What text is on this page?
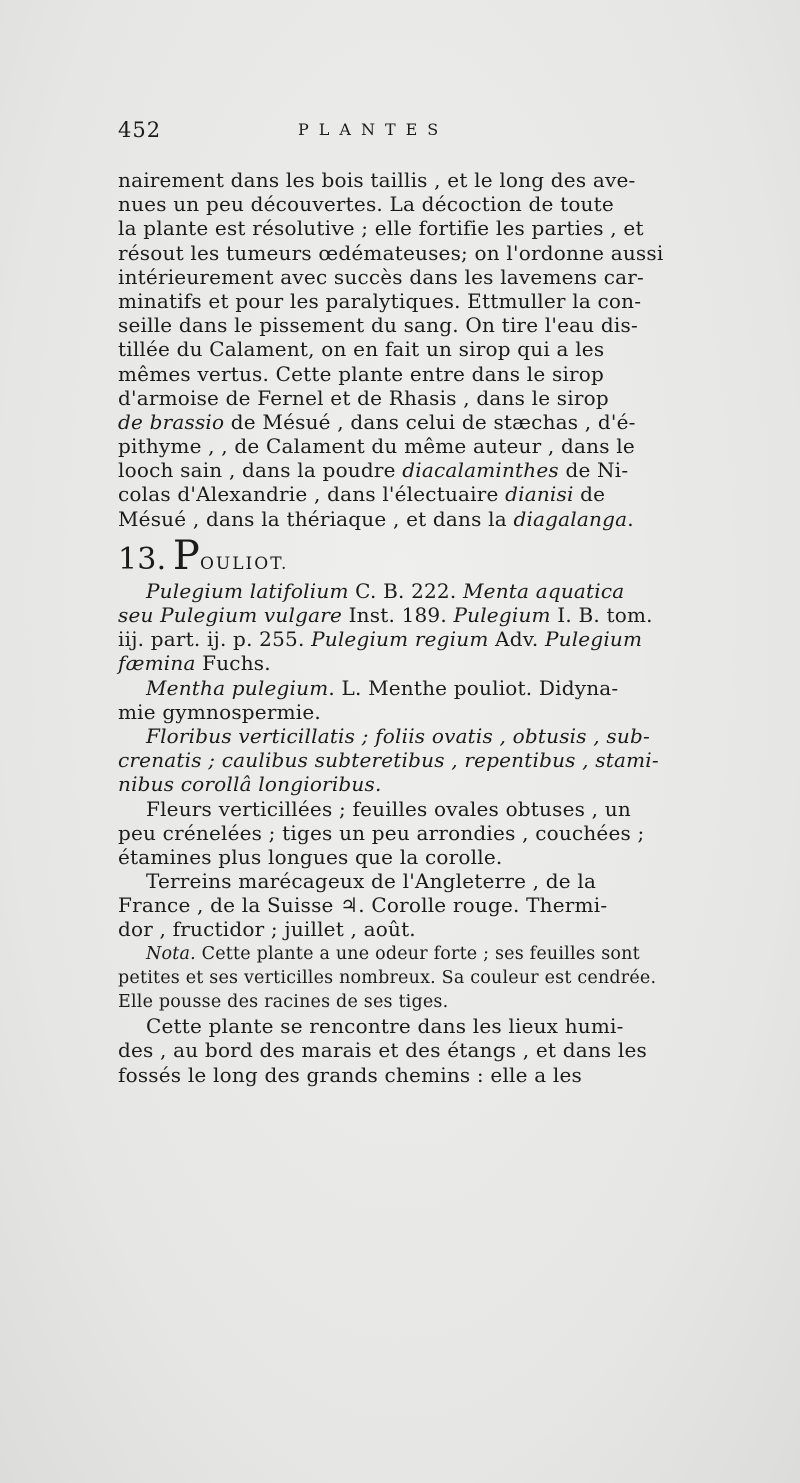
452	PLANTES
nairement dans les bois taillis , et le long des ave-
nues un peu découvertes. La décoction de toute
la plante est résolutive ; elle fortifie les parties , et
résout les tumeurs œdémateuses; on l'ordonne aussi
intérieurement avec succès dans les lavemens car-
minatifs et pour les paralytiques. Ettmuller la con-
seille dans le pissement du sang. On tire l'eau dis-
tillée du Calament, on en fait un sirop qui a les
mêmes vertus. Cette plante entre dans le sirop
d'armoise de Fernel et de Rhasis , dans le sirop
de brassio de Mésué , dans celui de stæchas , d'é-
pithyme , , de Calament du même auteur , dans le
looch sain , dans la poudre diacalaminthes de Ni-
colas d'Alexandrie , dans l'électuaire dianisi de
Mésué , dans la thériaque , et dans la diagalanga.
13. POULIOT.
Pulegium latifolium C. B. 222. Menta aquatica
seu Pulegium vulgare Inst. 189. Pulegium I. B. tom.
iij. part. ij. p. 255. Pulegium regium Adv. Pulegium
fæmina Fuchs.
Mentha pulegium. L. Menthe pouliot. Didyna-
mie gymnospermie.
Floribus verticillatis ; foliis ovatis , obtusis , sub-
crenatis ; caulibus subteretibus , repentibus , stami-
nibus corollâ longioribus.
Fleurs verticillées ; feuilles ovales obtuses , un
peu crénelées ; tiges un peu arrondies , couchées ;
étamines plus longues que la corolle.
Terreins marécageux de l'Angleterre , de la
France , de la Suisse ♃. Corolle rouge. Thermi-
dor , fructidor ; juillet , août.
Nota. Cette plante a une odeur forte ; ses feuilles sont
petites et ses verticilles nombreux. Sa couleur est cendrée.
Elle pousse des racines de ses tiges.
Cette plante se rencontre dans les lieux humi-
des , au bord des marais et des étangs , et dans les
fossés le long des grands chemins : elle a les
